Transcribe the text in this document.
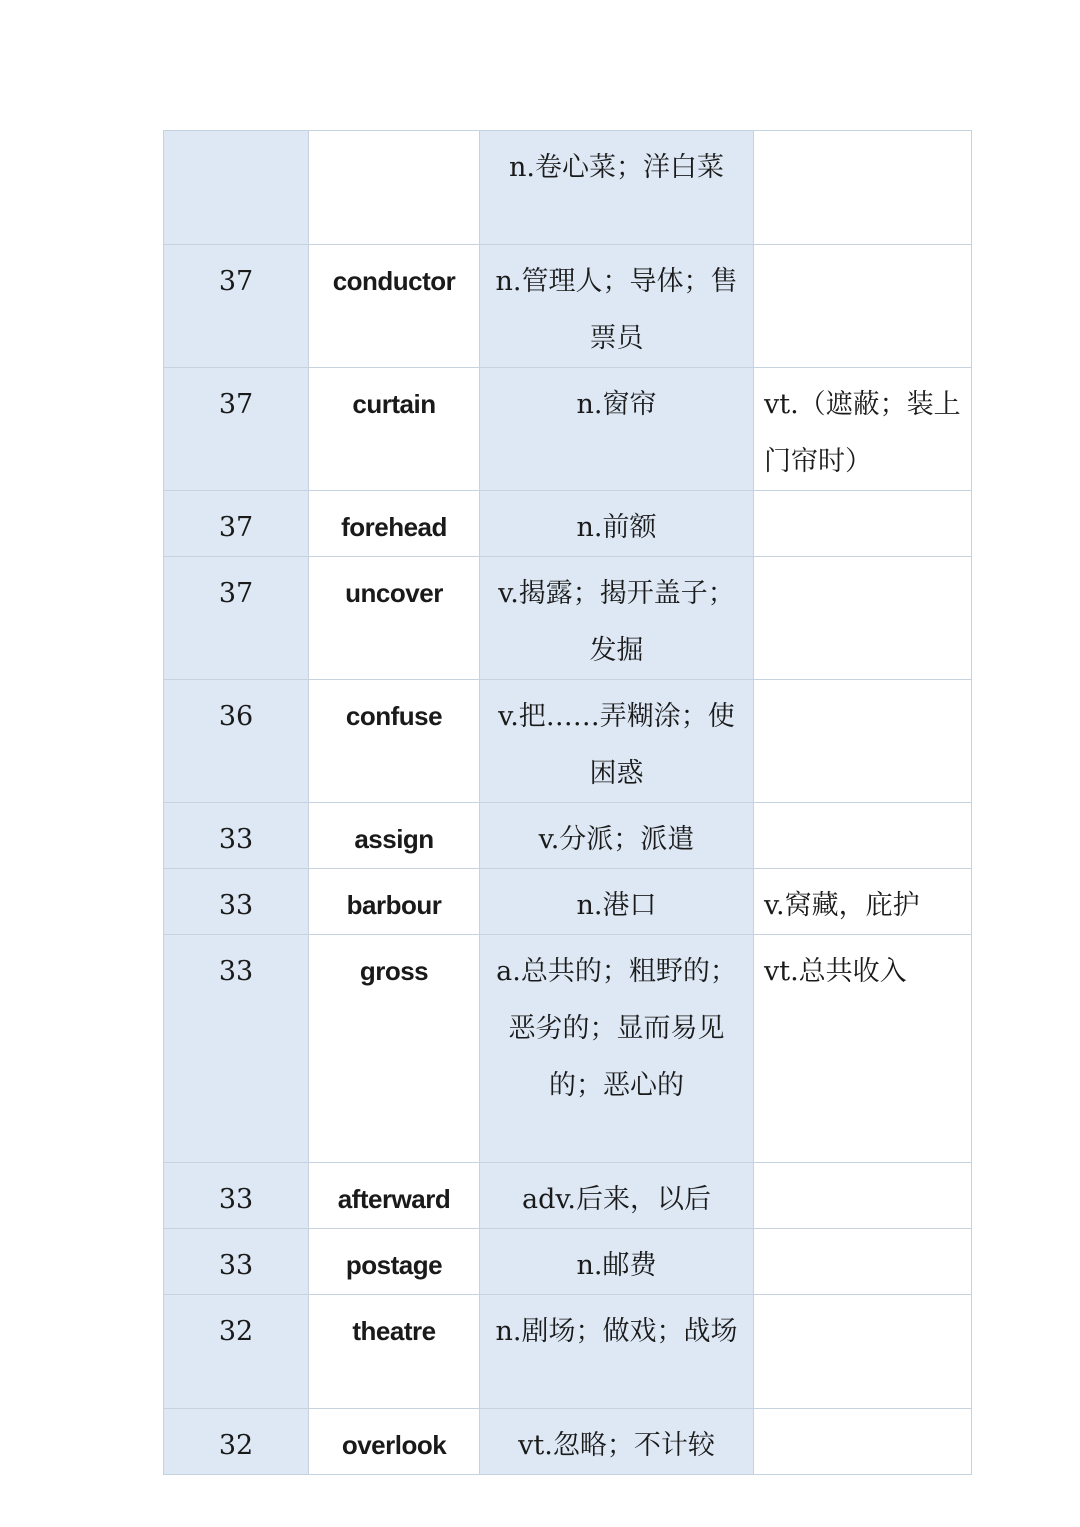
		n.卷心菜；洋白菜	
37	conductor	n.管理人；导体；售票员	
37	curtain	n.窗帘	vt.（遮蔽；装上门帘时）
37	forehead	n.前额	
37	uncover	v.揭露；揭开盖子；发掘	
36	confuse	v.把……弄糊涂；使困惑	
33	assign	v.分派；派遣	
33	barbour	n.港口	v.窝藏，庇护
33	gross	a.总共的；粗野的；恶劣的；显而易见的；恶心的	vt.总共收入
33	afterward	adv.后来，以后	
33	postage	n.邮费	
32	theatre	n.剧场；做戏；战场	
32	overlook	vt.忽略；不计较	
